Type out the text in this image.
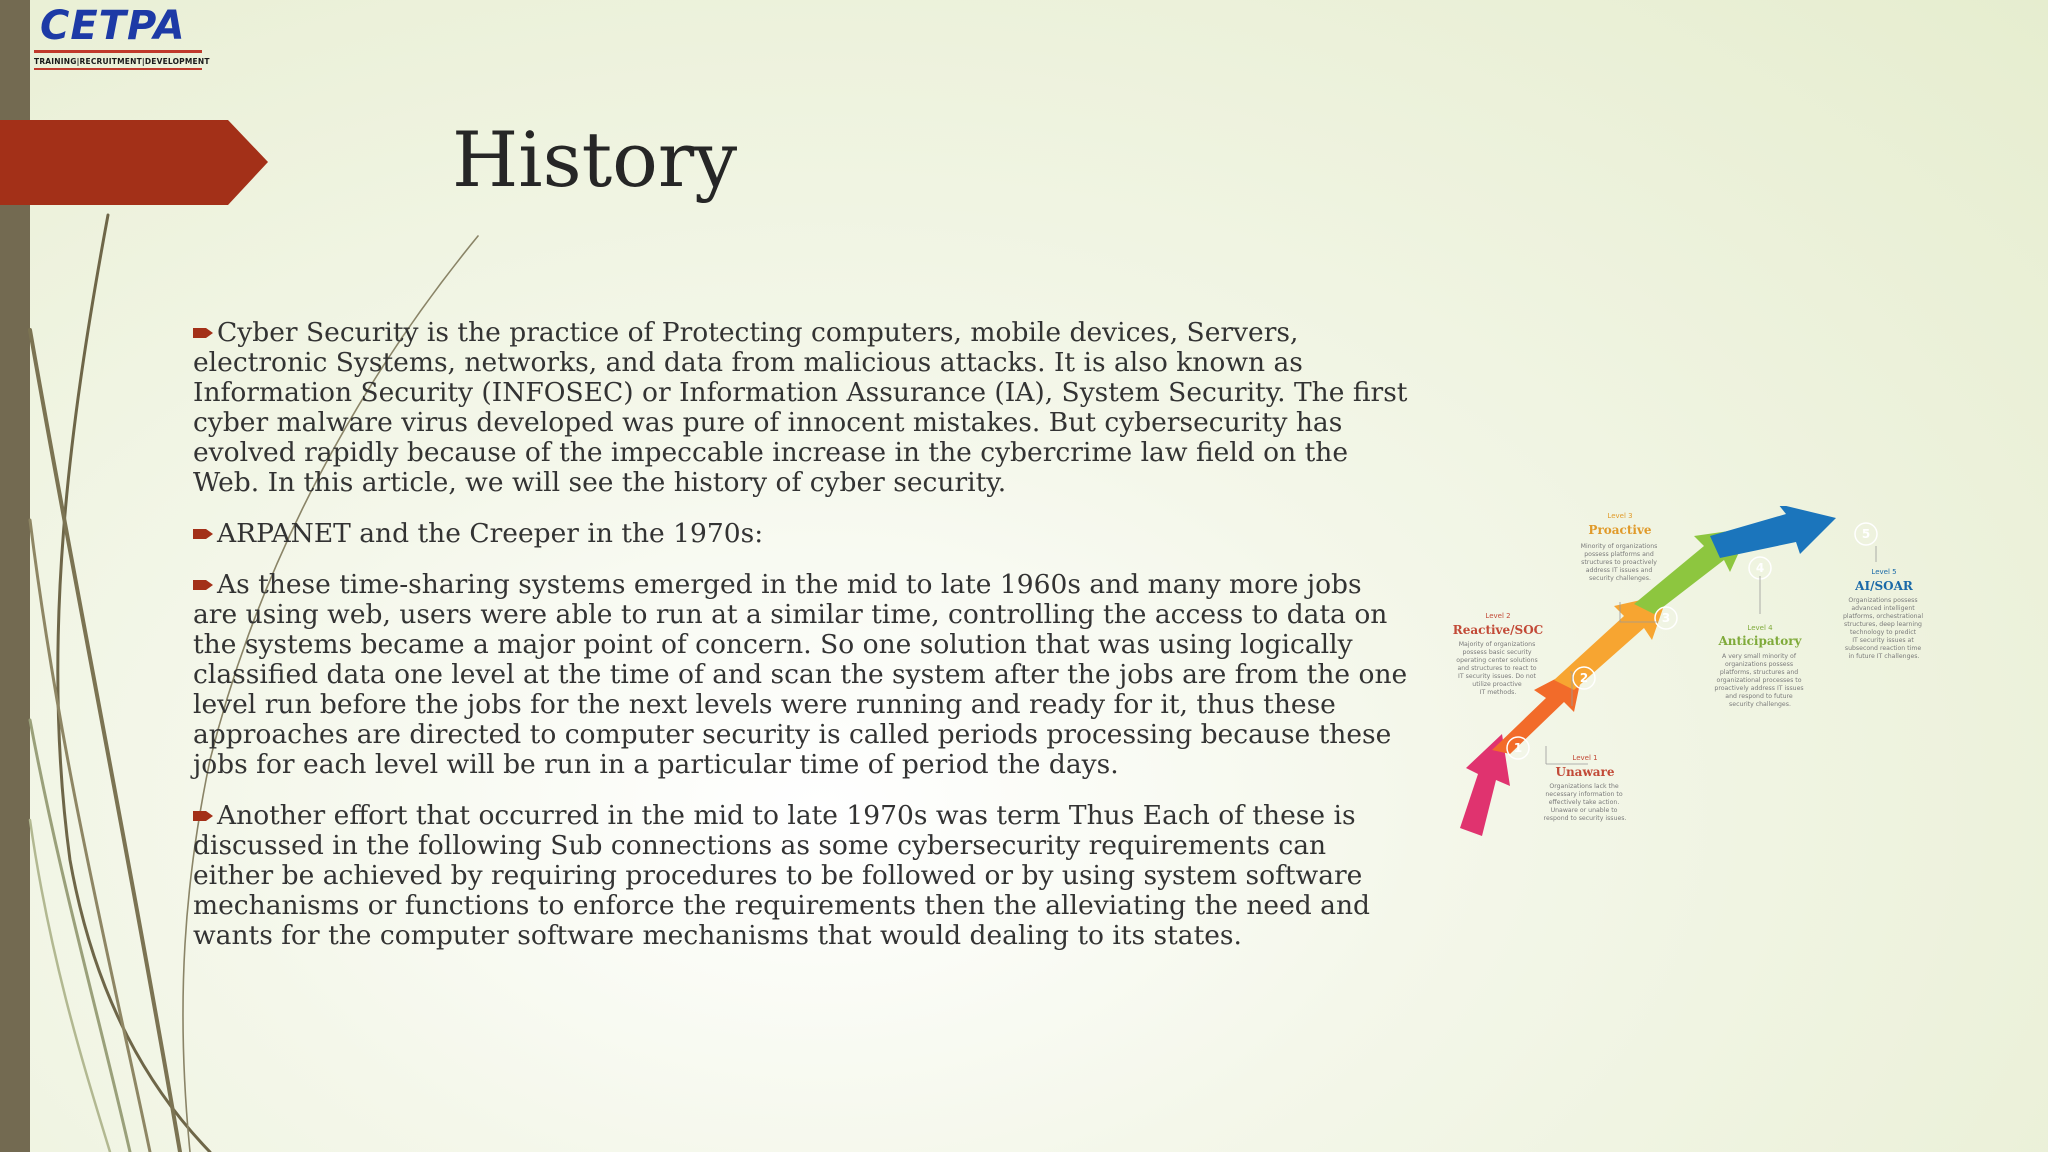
CETPA
TRAINING|RECRUITMENT|DEVELOPMENT
History

Cyber Security is the practice of Protecting computers, mobile devices, Servers, electronic Systems, networks, and data from malicious attacks. It is also known as Information Security (INFOSEC) or Information Assurance (IA), System Security. The first cyber malware virus developed was pure of innocent mistakes. But cybersecurity has evolved rapidly because of the impeccable increase in the cybercrime law field on the Web. In this article, we will see the history of cyber security.

ARPANET and the Creeper in the 1970s:

As these time-sharing systems emerged in the mid to late 1960s and many more jobs are using web, users were able to run at a similar time, controlling the access to data on the systems became a major point of concern. So one solution that was using logically classified data one level at the time of and scan the system after the jobs are from the one level run before the jobs for the next levels were running and ready for it, thus these approaches are directed to computer security is called periods processing because these jobs for each level will be run in a particular time of period the days.

Another effort that occurred in the mid to late 1970s was term Thus Each of these is discussed in the following Sub connections as some cybersecurity requirements can either be achieved by requiring procedures to be followed or by using system software mechanisms or functions to enforce the requirements then the alleviating the need and wants for the computer software mechanisms that would dealing to its states.

1
2
3
4
5
Level 1
Unaware
Level 2
Reactive/SOC
Level 3
Proactive
Level 4
Anticipatory
Level 5
AI/SOAR
Organizations lack the necessary information to effectively take action. Unaware or unable to respond to security issues.
Majority of organizations possess basic security operating center solutions and structures to react to IT security issues. Do not utilize proactive IT methods.
Minority of organizations possess platforms and structures to proactively address IT issues and security challenges.
A very small minority of organizations possess platforms, structures and organizational processes to proactively address IT issues and respond to future security challenges.
Organizations possess advanced intelligent platforms, orchestrational structures, deep learning technology to predict IT security issues at subsecond reaction time in future IT challenges.
